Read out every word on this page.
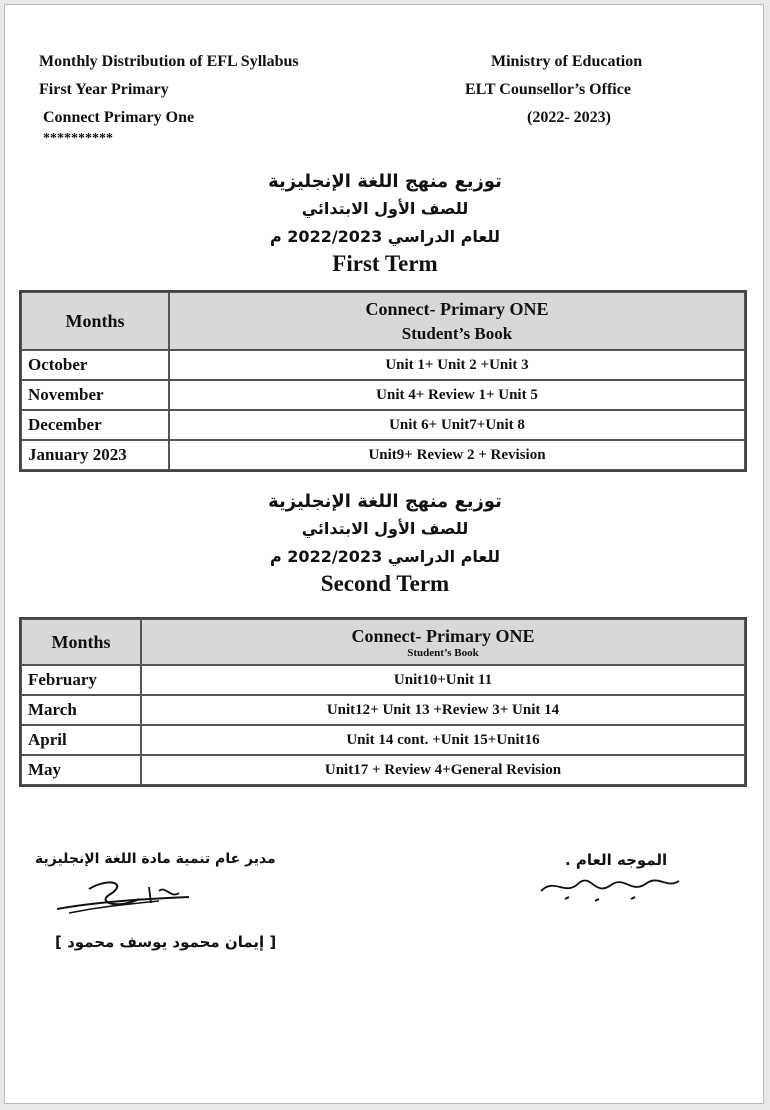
Monthly Distribution of EFL Syllabus
First Year Primary
Connect Primary One
**********
Ministry of Education
ELT Counsellor’s Office
(2022- 2023)
توزيع منهج اللغة الإنجليزية
للصف الأول الابتدائي
للعام الدراسي 2022/2023 م
First Term
Months	Connect- Primary ONE
Student’s Book

October	Unit 1+ Unit 2 +Unit 3
November	Unit 4+ Review 1+ Unit 5
December	Unit 6+ Unit7+Unit 8
January 2023	Unit9+ Review 2 + Revision
توزيع منهج اللغة الإنجليزية
للصف الأول الابتدائي
للعام الدراسي 2022/2023 م
Second Term
Months	Connect- Primary ONE
Student’s Book

February	Unit10+Unit 11
March	Unit12+ Unit 13 +Review 3+ Unit 14
April	Unit 14 cont. +Unit 15+Unit16
May	Unit17 + Review 4+General Revision
مدير عام تنمية مادة اللغة الإنجليزية
[ إيمان محمود يوسف محمود ]
الموجه العام .
